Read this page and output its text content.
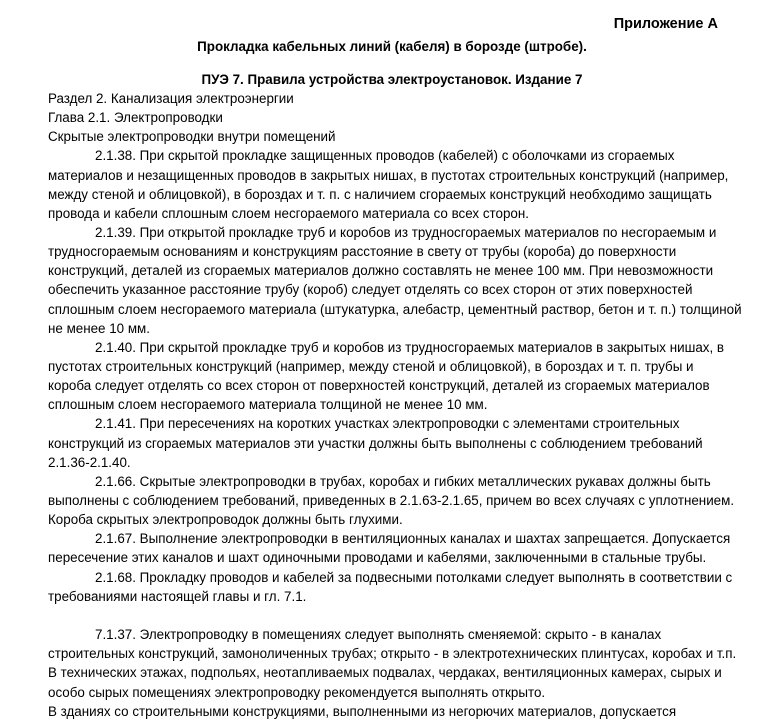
Приложение А
Прокладка кабельных линий (кабеля) в борозде (штробе).
ПУЭ 7. Правила устройства электроустановок. Издание 7
Раздел 2. Канализация электроэнергии
Глава 2.1. Электропроводки
Скрытые электропроводки внутри помещений
2.1.38. При скрытой прокладке защищенных проводов (кабелей) с оболочками из сгораемых
материалов и незащищенных проводов в закрытых нишах, в пустотах строительных конструкций (например,
между стеной и облицовкой), в бороздах и т. п. с наличием сгораемых конструкций необходимо защищать
провода и кабели сплошным слоем несгораемого материала со всех сторон.
2.1.39. При открытой прокладке труб и коробов из трудносгораемых материалов по несгораемым и
трудносгораемым основаниям и конструкциям расстояние в свету от трубы (короба) до поверхности
конструкций, деталей из сгораемых материалов должно составлять не менее 100 мм. При невозможности
обеспечить указанное расстояние трубу (короб) следует отделять со всех сторон от этих поверхностей
сплошным слоем несгораемого материала (штукатурка, алебастр, цементный раствор, бетон и т. п.) толщиной
не менее 10 мм.
2.1.40. При скрытой прокладке труб и коробов из трудносгораемых материалов в закрытых нишах, в
пустотах строительных конструкций (например, между стеной и облицовкой), в бороздах и т. п. трубы и
короба следует отделять со всех сторон от поверхностей конструкций, деталей из сгораемых материалов
сплошным слоем несгораемого материала толщиной не менее 10 мм.
2.1.41. При пересечениях на коротких участках электропроводки с элементами строительных
конструкций из сгораемых материалов эти участки должны быть выполнены с соблюдением требований
2.1.36-2.1.40.
2.1.66. Скрытые электропроводки в трубах, коробах и гибких металлических рукавах должны быть
выполнены с соблюдением требований, приведенных в 2.1.63-2.1.65, причем во всех случаях с уплотнением.
Короба скрытых электропроводок должны быть глухими.
2.1.67. Выполнение электропроводки в вентиляционных каналах и шахтах запрещается. Допускается
пересечение этих каналов и шахт одиночными проводами и кабелями, заключенными в стальные трубы.
2.1.68. Прокладку проводов и кабелей за подвесными потолками следует выполнять в соответствии с
требованиями настоящей главы и гл. 7.1.
7.1.37. Электропроводку в помещениях следует выполнять сменяемой: скрыто - в каналах
строительных конструкций, замоноличенных трубах; открыто - в электротехнических плинтусах, коробах и т.п.
В технических этажах, подпольях, неотапливаемых подвалах, чердаках, вентиляционных камерах, сырых и
особо сырых помещениях электропроводку рекомендуется выполнять открыто.
В зданиях со строительными конструкциями, выполненными из негорючих материалов, допускается
